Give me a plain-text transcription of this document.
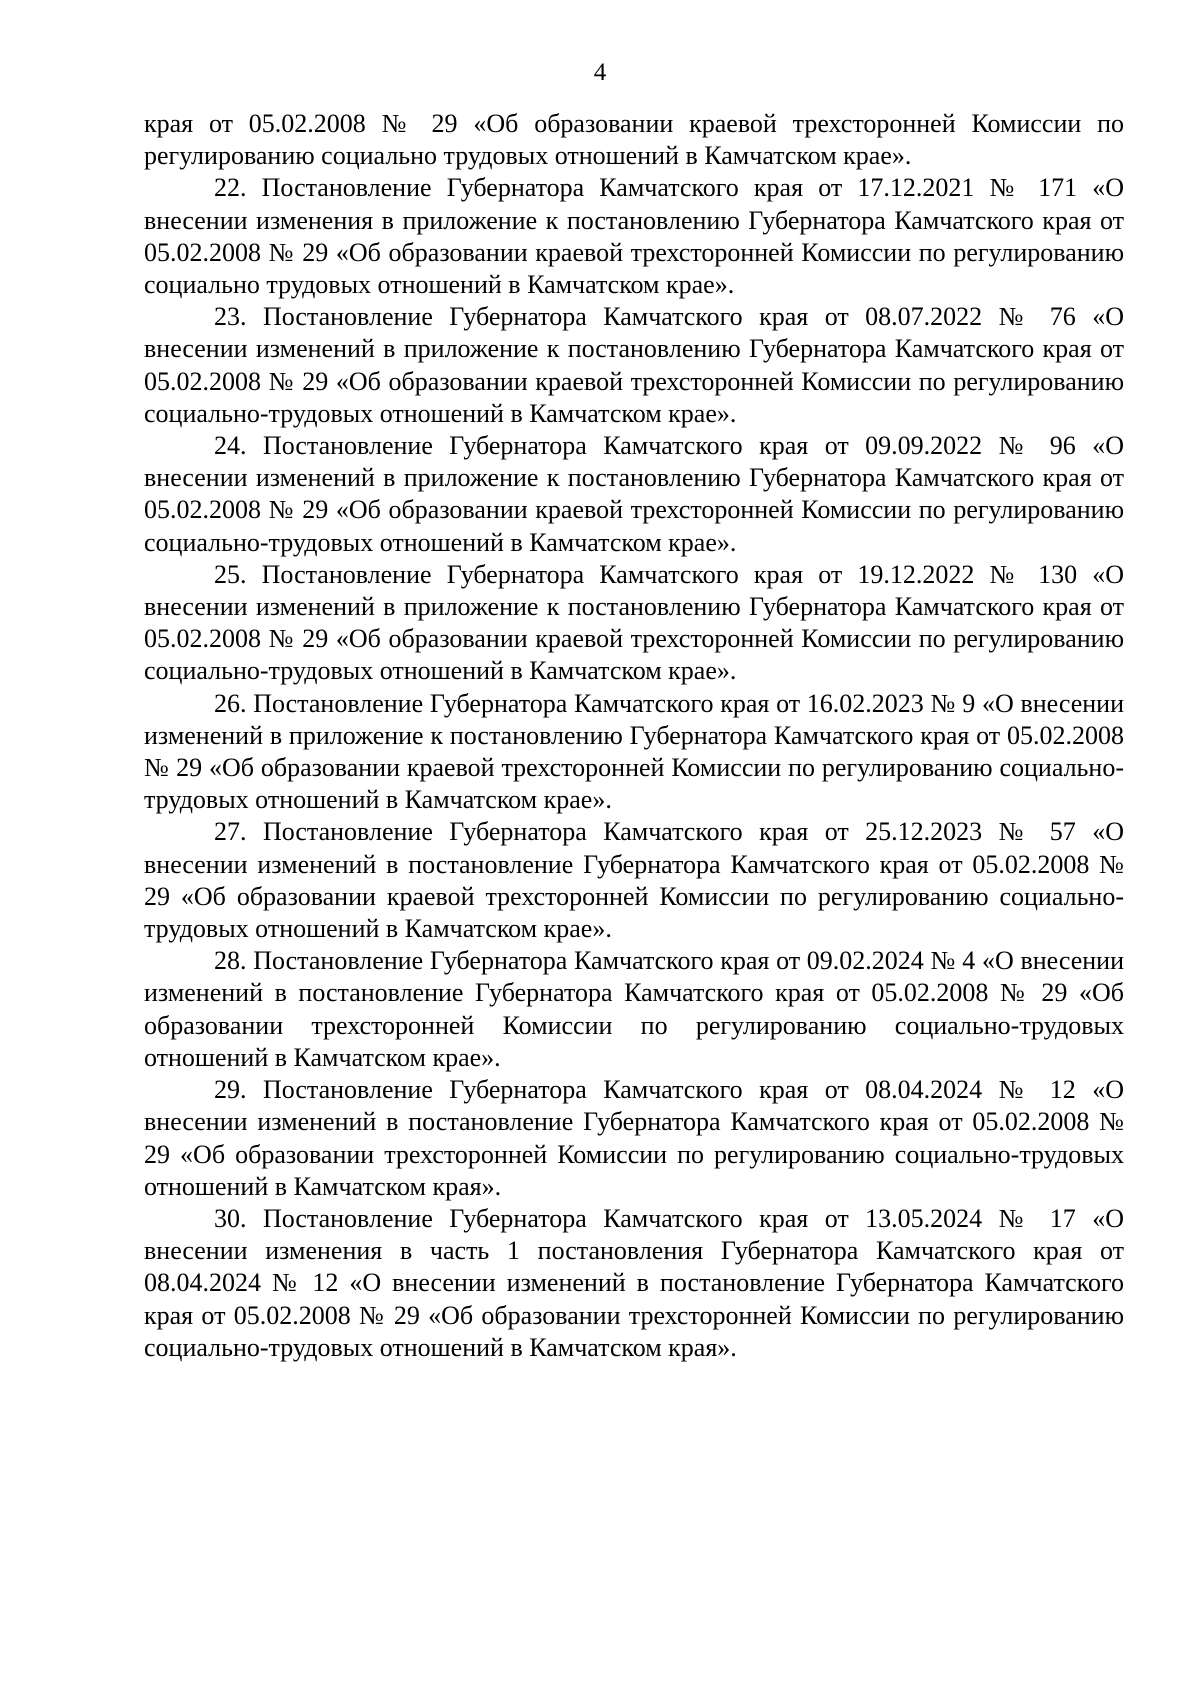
4

края от 05.02.2008 № 29 «Об образовании краевой трехсторонней Комиссии по регулированию социально трудовых отношений в Камчатском крае».

22. Постановление Губернатора Камчатского края от 17.12.2021 № 171 «О внесении изменения в приложение к постановлению Губернатора Камчатского края от 05.02.2008 № 29 «Об образовании краевой трехсторонней Комиссии по регулированию социально трудовых отношений в Камчатском крае».

23. Постановление Губернатора Камчатского края от 08.07.2022 № 76 «О внесении изменений в приложение к постановлению Губернатора Камчатского края от 05.02.2008 № 29 «Об образовании краевой трехсторонней Комиссии по регулированию социально-трудовых отношений в Камчатском крае».

24. Постановление Губернатора Камчатского края от 09.09.2022 № 96 «О внесении изменений в приложение к постановлению Губернатора Камчатского края от 05.02.2008 № 29 «Об образовании краевой трехсторонней Комиссии по регулированию социально-трудовых отношений в Камчатском крае».

25. Постановление Губернатора Камчатского края от 19.12.2022 № 130 «О внесении изменений в приложение к постановлению Губернатора Камчатского края от 05.02.2008 № 29 «Об образовании краевой трехсторонней Комиссии по регулированию социально-трудовых отношений в Камчатском крае».

26. Постановление Губернатора Камчатского края от 16.02.2023 № 9 «О внесении изменений в приложение к постановлению Губернатора Камчатского края от 05.02.2008 № 29 «Об образовании краевой трехсторонней Комиссии по регулированию социально-трудовых отношений в Камчатском крае».

27. Постановление Губернатора Камчатского края от 25.12.2023 № 57 «О внесении изменений в постановление Губернатора Камчатского края от 05.02.2008 № 29 «Об образовании краевой трехсторонней Комиссии по регулированию социально-трудовых отношений в Камчатском крае».

28. Постановление Губернатора Камчатского края от 09.02.2024 № 4 «О внесении изменений в постановление Губернатора Камчатского края от 05.02.2008 № 29 «Об образовании трехсторонней Комиссии по регулированию социально-трудовых отношений в Камчатском крае».

29. Постановление Губернатора Камчатского края от 08.04.2024 № 12 «О внесении изменений в постановление Губернатора Камчатского края от 05.02.2008 № 29 «Об образовании трехсторонней Комиссии по регулированию социально-трудовых отношений в Камчатском края».

30. Постановление Губернатора Камчатского края от 13.05.2024 № 17 «О внесении изменения в часть 1 постановления Губернатора Камчатского края от 08.04.2024 № 12 «О внесении изменений в постановление Губернатора Камчатского края от 05.02.2008 № 29 «Об образовании трехсторонней Комиссии по регулированию социально-трудовых отношений в Камчатском края».
